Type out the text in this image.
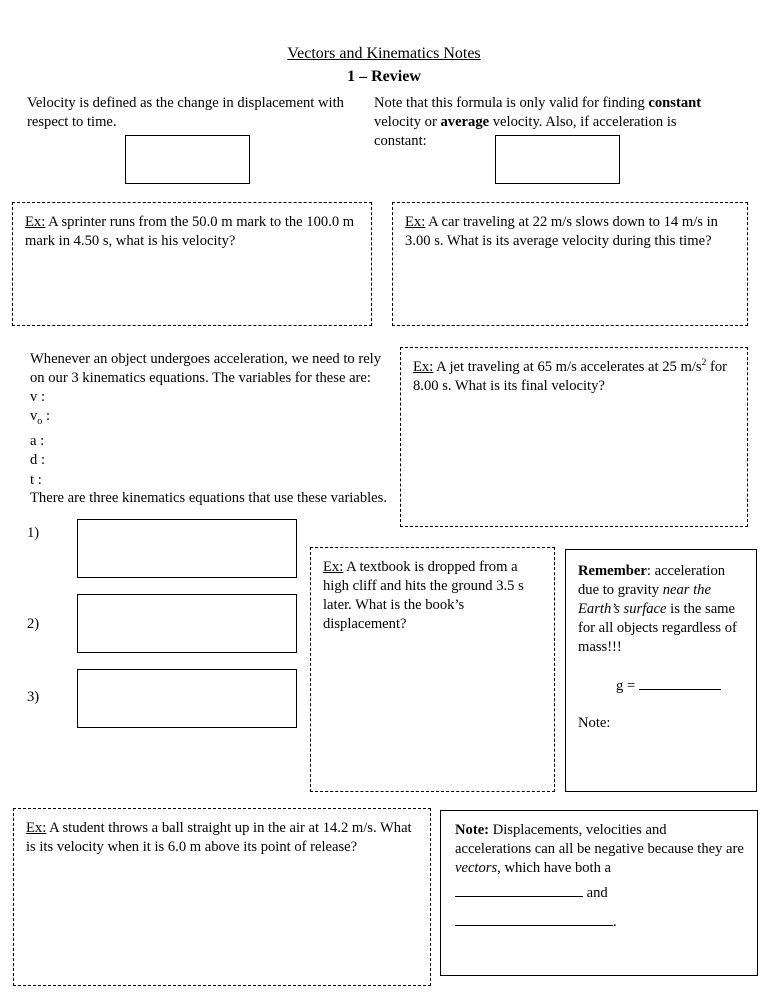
Vectors and Kinematics Notes
1 – Review
Velocity is defined as the change in displacement with respect to time.
Note that this formula is only valid for finding constant velocity or average velocity. Also, if acceleration is constant:
Ex: A sprinter runs from the 50.0 m mark to the 100.0 m mark in 4.50 s, what is his velocity?
Ex: A car traveling at 22 m/s slows down to 14 m/s in 3.00 s. What is its average velocity during this time?
Whenever an object undergoes acceleration, we need to rely on our 3 kinematics equations. The variables for these are:
v :
$v_o$ :
a :
d :
t :
Ex: A jet traveling at 65 m/s accelerates at 25 $m/s^2$ for 8.00 s. What is its final velocity?
There are three kinematics equations that use these variables.
1)
2)
3)
Ex: A textbook is dropped from a high cliff and hits the ground 3.5 s later. What is the book’s displacement?
Remember: acceleration due to gravity near the Earth’s surface is the same for all objects regardless of mass!!!
g =
Note:
Ex: A student throws a ball straight up in the air at 14.2 m/s. What is its velocity when it is 6.0 m above its point of release?
Note: Displacements, velocities and accelerations can all be negative because they are vectors, which have both a
and
.
